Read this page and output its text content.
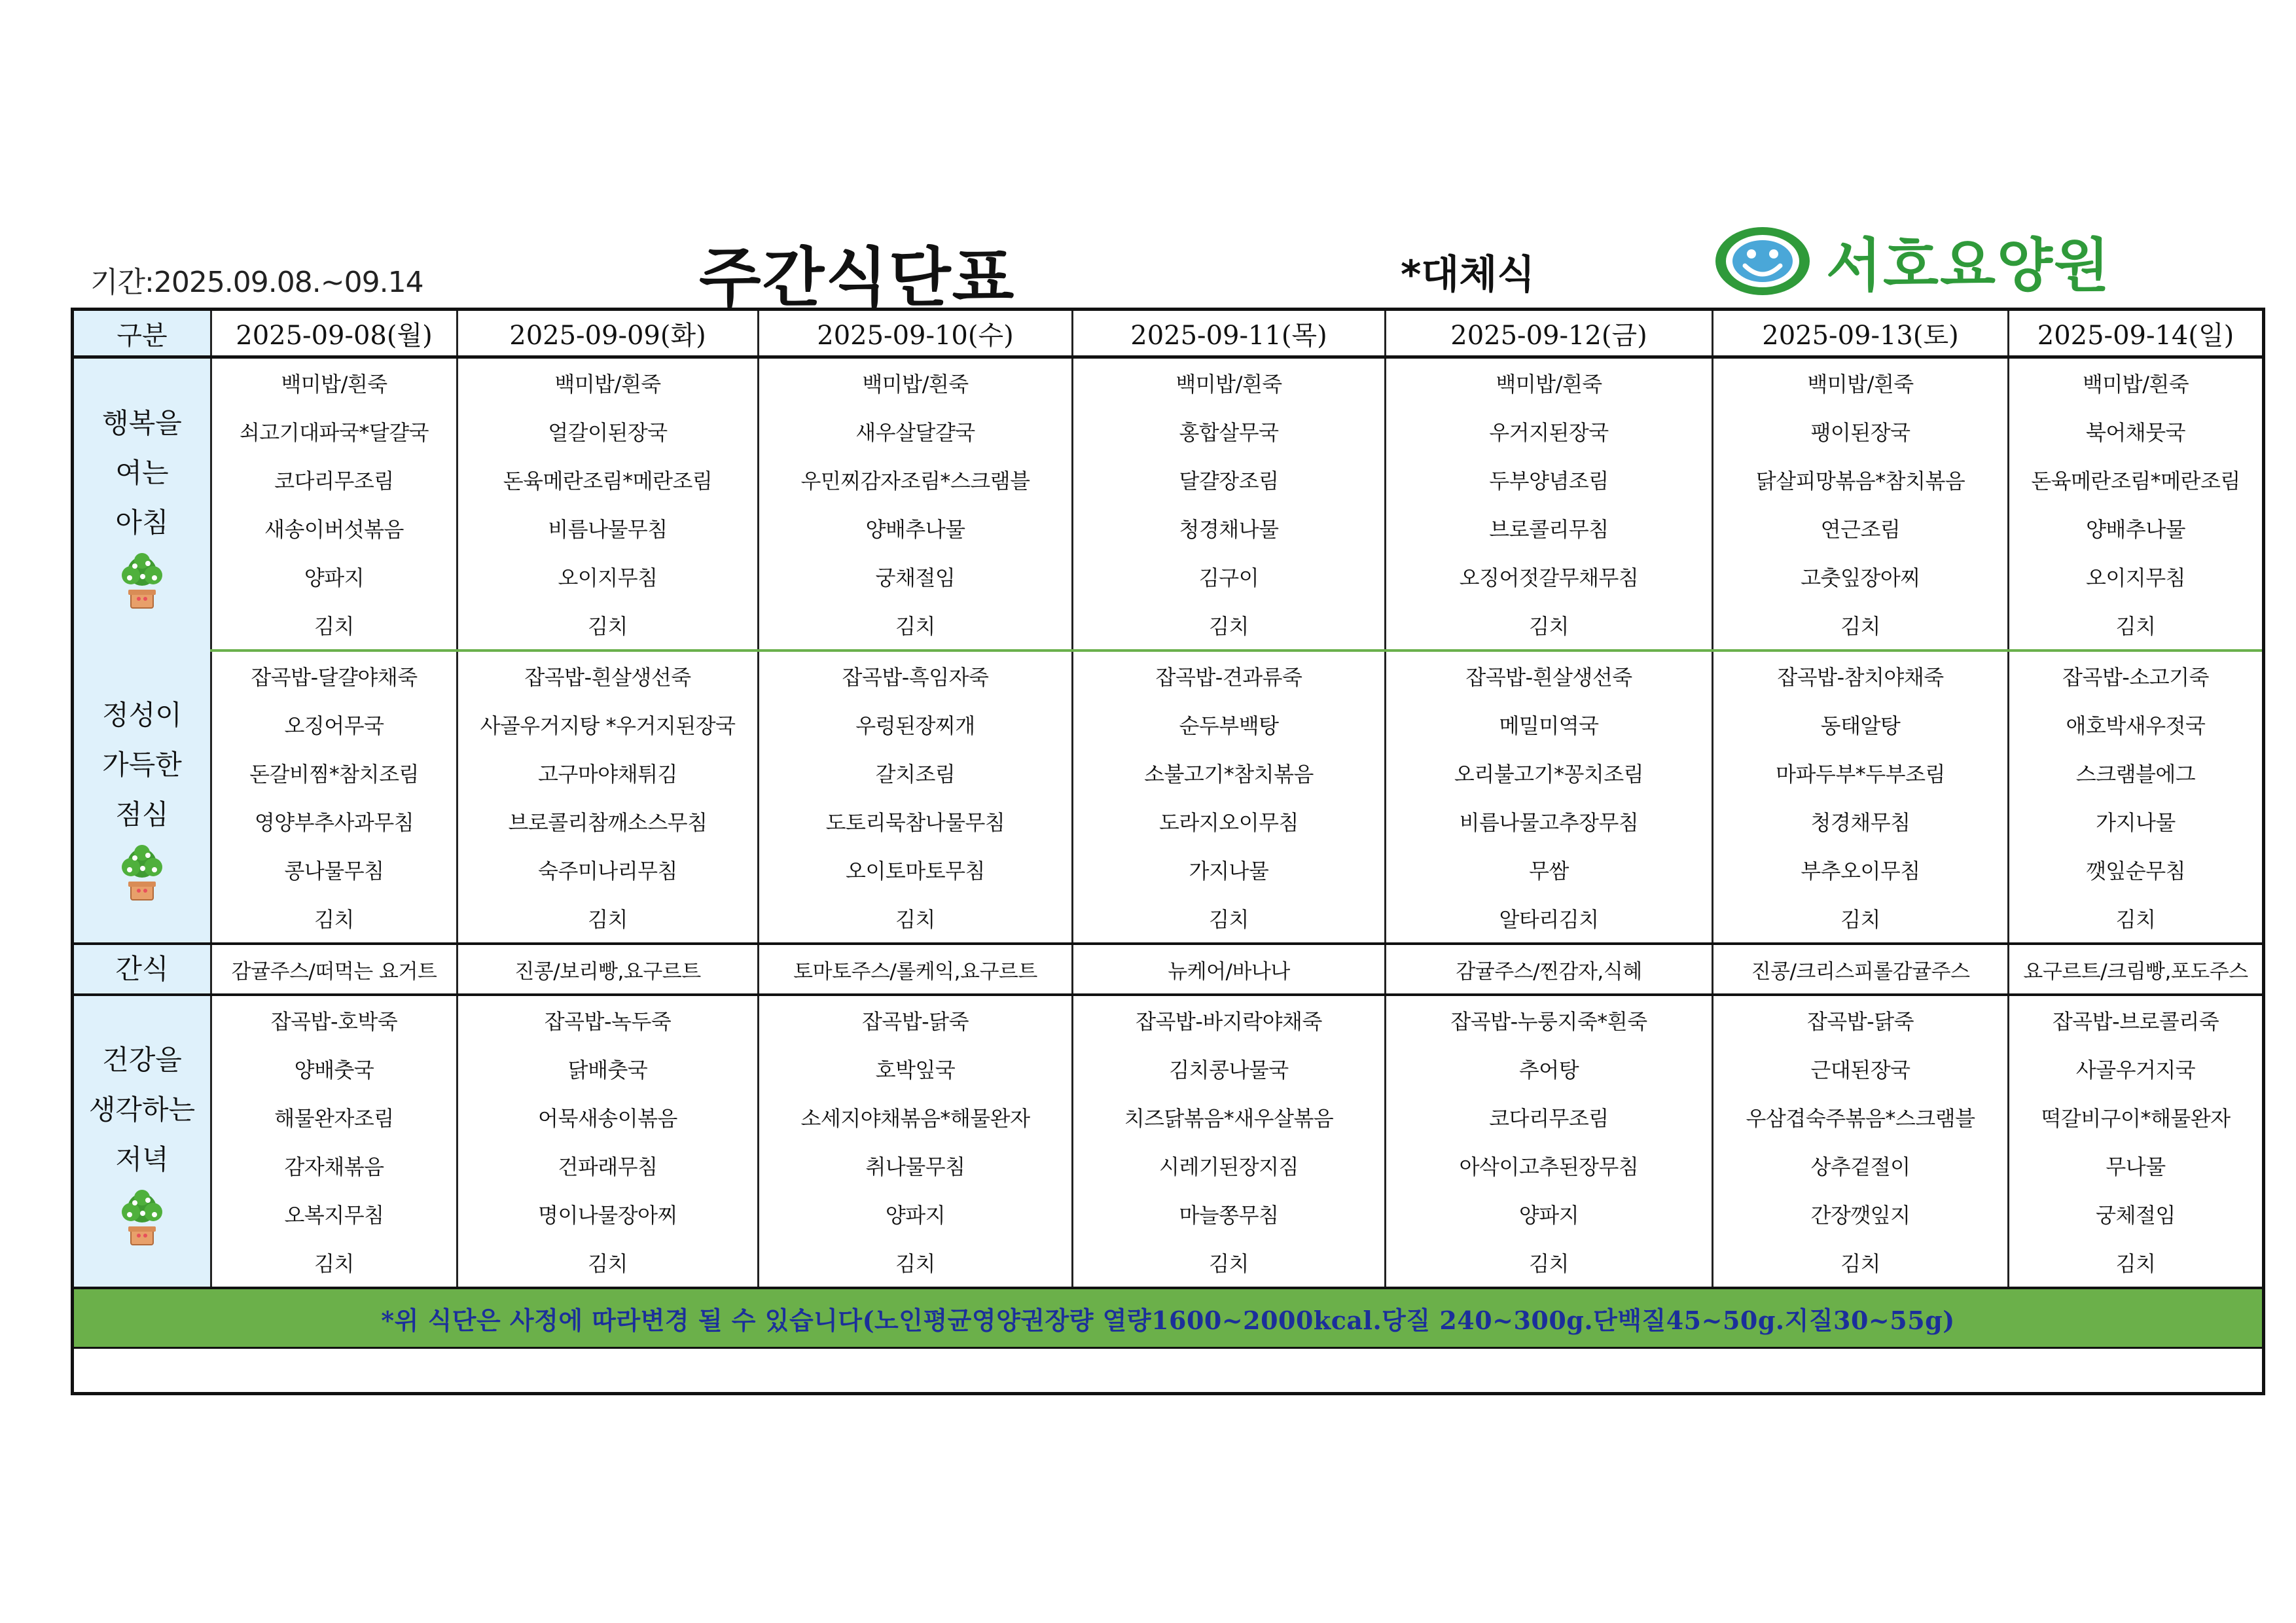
기간:2025.09.08.~09.14	주간식단표	*대체식	서호요양원
구분	2025-09-08(월)	2025-09-09(화)	2025-09-10(수)	2025-09-11(목)	2025-09-12(금)	2025-09-13(토)	2025-09-14(일)

행복을
여는
아침	백미밥/흰죽	백미밥/흰죽	백미밥/흰죽	백미밥/흰죽	백미밥/흰죽	백미밥/흰죽	백미밥/흰죽
	쇠고기대파국*달걀국	얼갈이된장국	새우살달걀국	홍합살무국	우거지된장국	팽이된장국	북어채뭇국
	코다리무조림	돈육메란조림*메란조림	우민찌감자조림*스크램블	달걀장조림	두부양념조림	닭살피망볶음*참치볶음	돈육메란조림*메란조림
	새송이버섯볶음	비름나물무침	양배추나물	청경채나물	브로콜리무침	연근조림	양배추나물
	양파지	오이지무침	궁채절임	김구이	오징어젓갈무채무침	고춧잎장아찌	오이지무침
	김치	김치	김치	김치	김치	김치	김치

정성이
가득한
점심	잡곡밥-달걀야채죽	잡곡밥-흰살생선죽	잡곡밥-흑임자죽	잡곡밥-견과류죽	잡곡밥-흰살생선죽	잡곡밥-참치야채죽	잡곡밥-소고기죽
	오징어무국	사골우거지탕 *우거지된장국	우렁된장찌개	순두부백탕	메밀미역국	동태알탕	애호박새우젓국
	돈갈비찜*참치조림	고구마야채튀김	갈치조림	소불고기*참치볶음	오리불고기*꽁치조림	마파두부*두부조림	스크램블에그
	영양부추사과무침	브로콜리참깨소스무침	도토리묵참나물무침	도라지오이무침	비름나물고추장무침	청경채무침	가지나물
	콩나물무침	숙주미나리무침	오이토마토무침	가지나물	무쌈	부추오이무침	깻잎순무침
	김치	김치	김치	김치	알타리김치	김치	김치
간식	감귤주스/떠먹는 요거트	진콩/보리빵,요구르트	토마토주스/롤케익,요구르트	뉴케어/바나나	감귤주스/찐감자,식혜	진콩/크리스피롤감귤주스	요구르트/크림빵,포도주스

건강을
생각하는
저녁	잡곡밥-호박죽	잡곡밥-녹두죽	잡곡밥-닭죽	잡곡밥-바지락야채죽	잡곡밥-누룽지죽*흰죽	잡곡밥-닭죽	잡곡밥-브로콜리죽
	양배춧국	닭배춧국	호박잎국	김치콩나물국	추어탕	근대된장국	사골우거지국
	해물완자조림	어묵새송이볶음	소세지야채볶음*해물완자	치즈닭볶음*새우살볶음	코다리무조림	우삼겹숙주볶음*스크램블	떡갈비구이*해물완자
	감자채볶음	건파래무침	취나물무침	시레기된장지짐	아삭이고추된장무침	상추겉절이	무나물
	오복지무침	명이나물장아찌	양파지	마늘쫑무침	양파지	간장깻잎지	궁체절임
	김치	김치	김치	김치	김치	김치	김치
*위 식단은 사정에 따라변경 될 수 있습니다(노인평균영양권장량 열량1600~2000kcal.당질 240~300g.단백질45~50g.지질30~55g)							
